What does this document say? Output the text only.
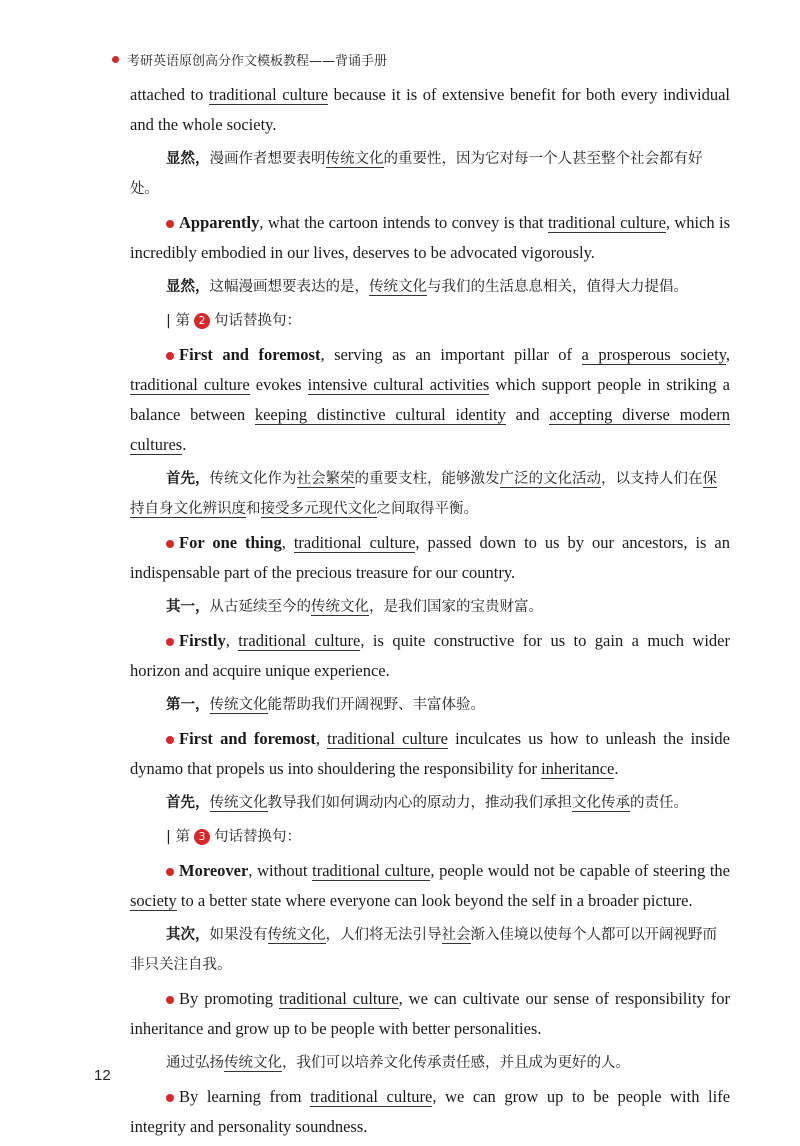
考研英语原创高分作文模板教程——背诵手册

attached to traditional culture because it is of extensive benefit for both every individual and the whole society.

显然，漫画作者想要表明传统文化的重要性，因为它对每一个人甚至整个社会都有好处。

Apparently, what the cartoon intends to convey is that traditional culture, which is incredibly embodied in our lives, deserves to be advocated vigorously.

显然，这幅漫画想要表达的是，传统文化与我们的生活息息相关，值得大力提倡。

| 第 2 句话替换句：

First and foremost, serving as an important pillar of a prosperous society, traditional culture evokes intensive cultural activities which support people in striking a balance between keeping distinctive cultural identity and accepting diverse modern cultures.

首先，传统文化作为社会繁荣的重要支柱，能够激发广泛的文化活动，以支持人们在保持自身文化辨识度和接受多元现代文化之间取得平衡。

For one thing, traditional culture, passed down to us by our ancestors, is an indispensable part of the precious treasure for our country.

其一，从古延续至今的传统文化，是我们国家的宝贵财富。

Firstly, traditional culture, is quite constructive for us to gain a much wider horizon and acquire unique experience.

第一，传统文化能帮助我们开阔视野、丰富体验。

First and foremost, traditional culture inculcates us how to unleash the inside dynamo that propels us into shouldering the responsibility for inheritance.

首先，传统文化教导我们如何调动内心的原动力，推动我们承担文化传承的责任。

| 第 3 句话替换句：

Moreover, without traditional culture, people would not be capable of steering the society to a better state where everyone can look beyond the self in a broader picture.

其次，如果没有传统文化，人们将无法引导社会渐入佳境以使每个人都可以开阔视野而非只关注自我。

By promoting traditional culture, we can cultivate our sense of responsibility for inheritance and grow up to be people with better personalities.

通过弘扬传统文化，我们可以培养文化传承责任感，并且成为更好的人。

By learning from traditional culture, we can grow up to be people with life integrity and personality soundness.

12
